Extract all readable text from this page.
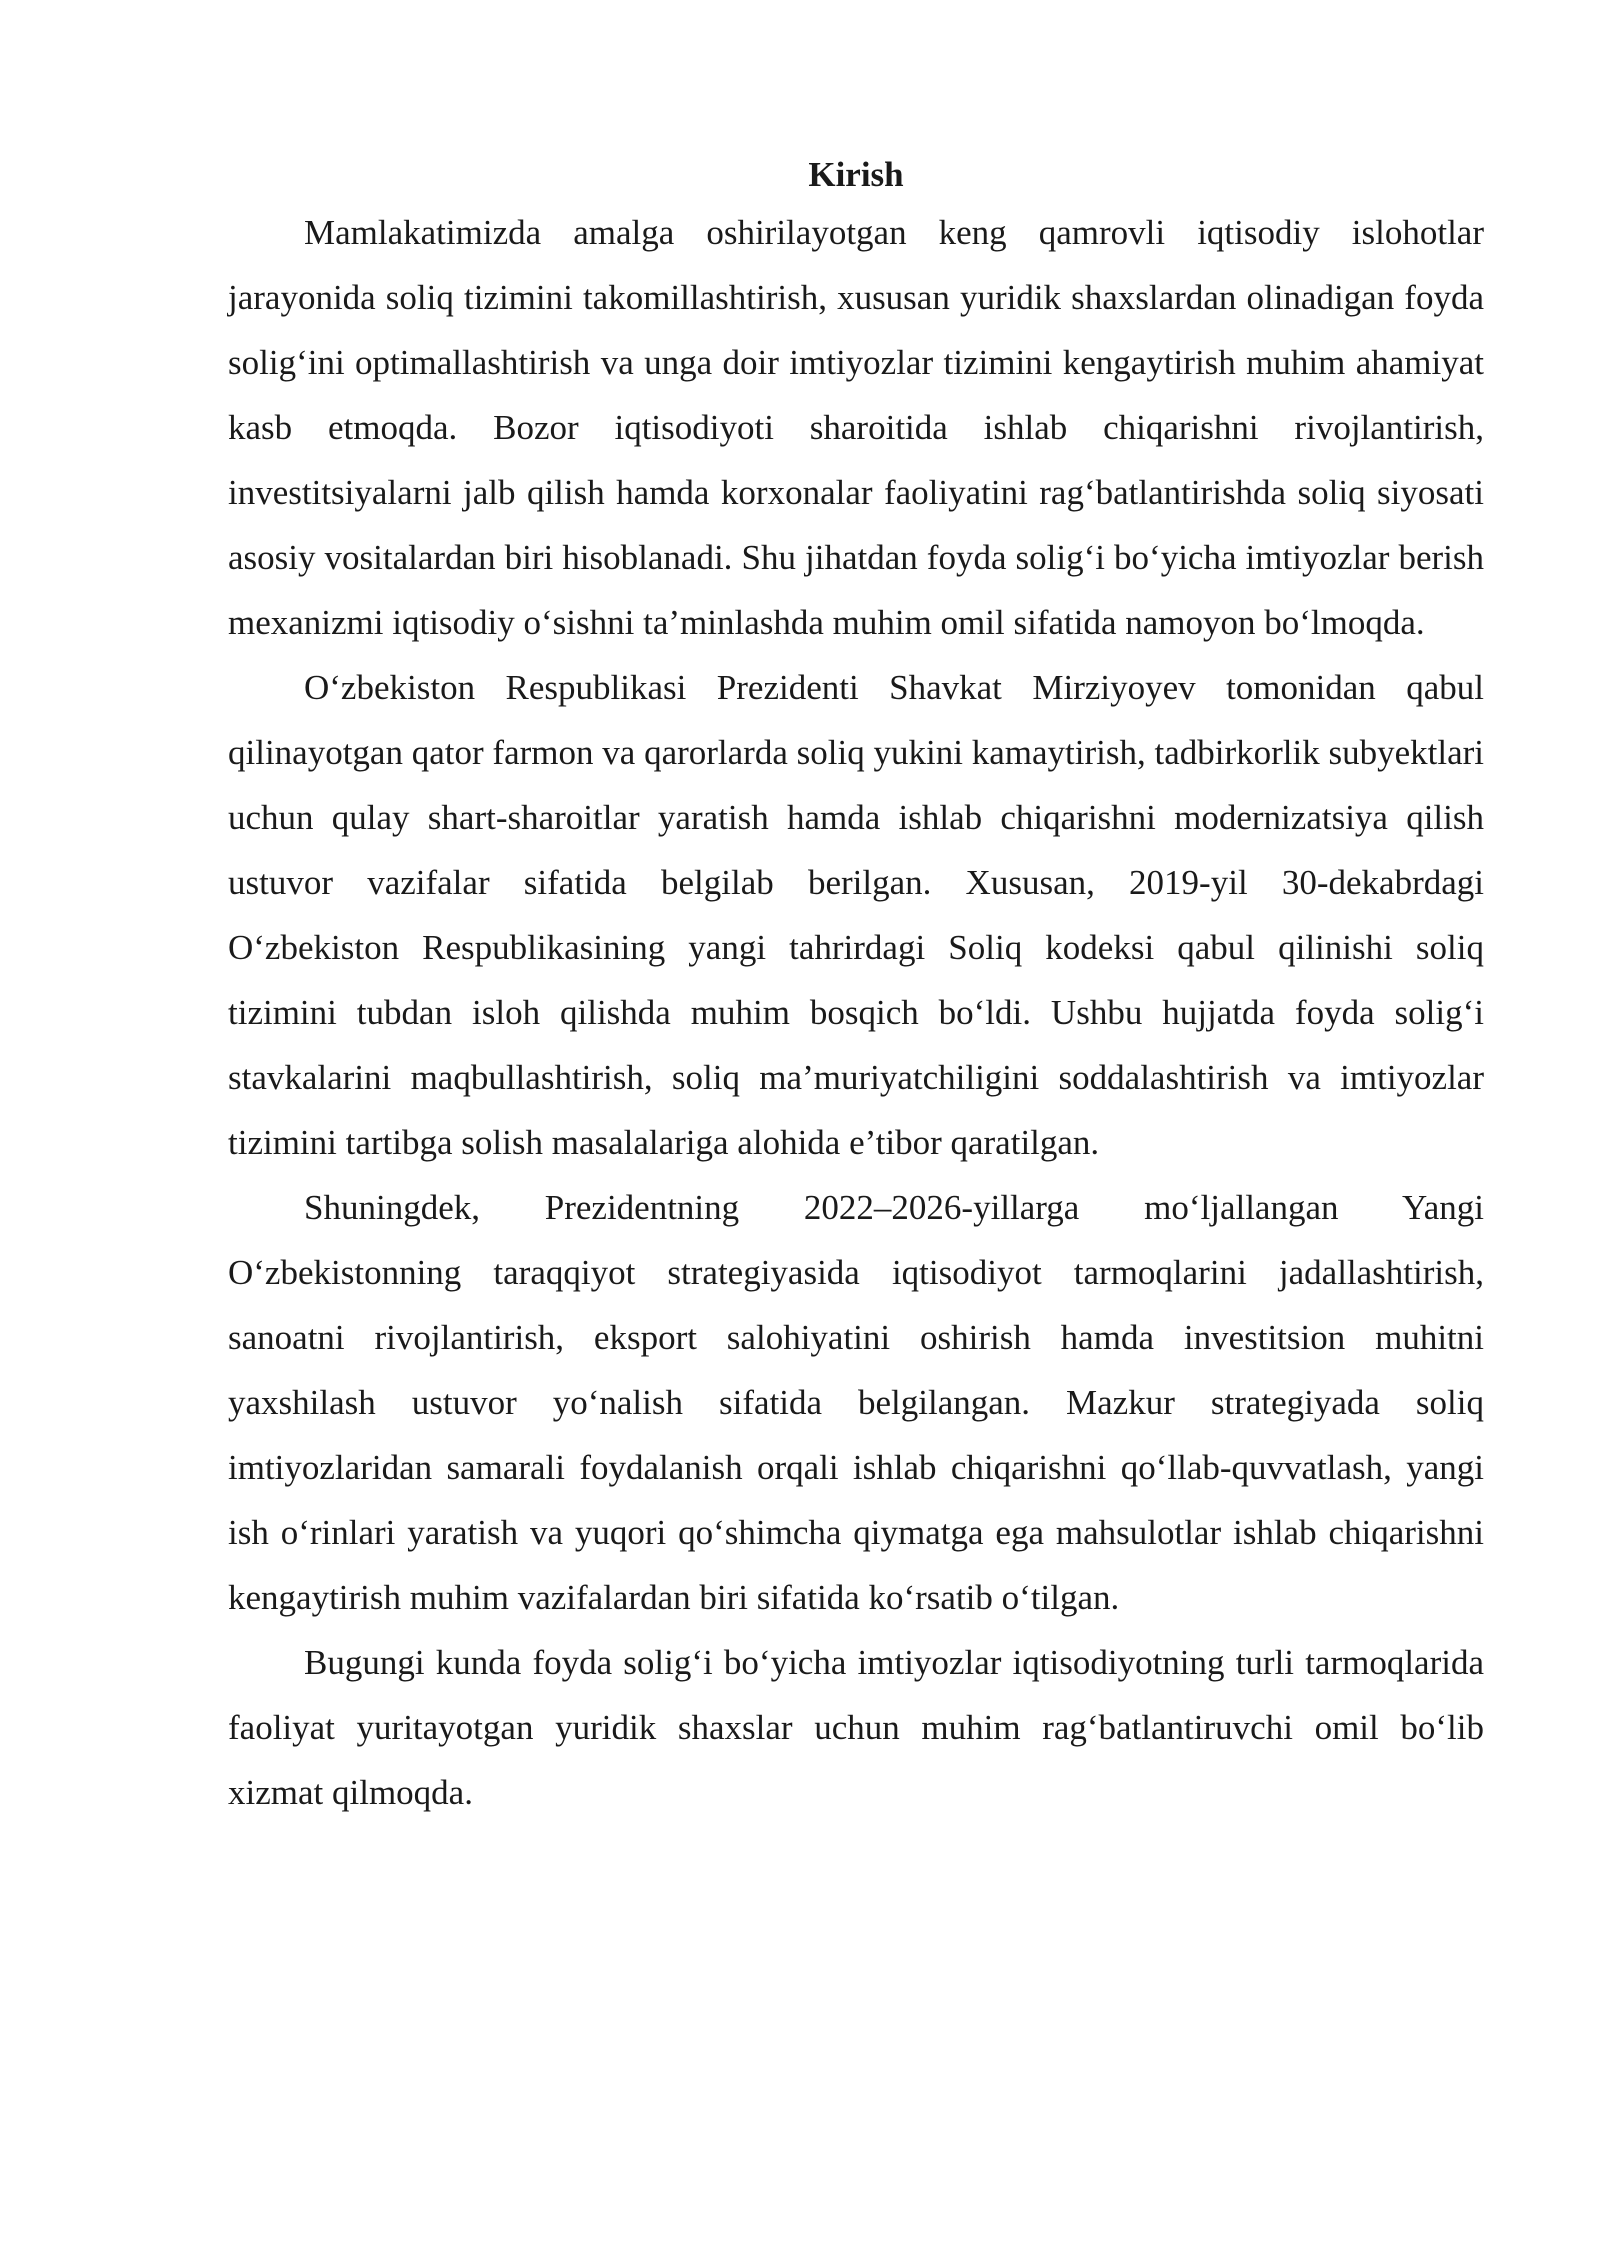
Kirish

Mamlakatimizda amalga oshirilayotgan keng qamrovli iqtisodiy islohotlar jarayonida soliq tizimini takomillashtirish, xususan yuridik shaxslardan olinadigan foyda solig‘ini optimallashtirish va unga doir imtiyozlar tizimini kengaytirish muhim ahamiyat kasb etmoqda. Bozor iqtisodiyoti sharoitida ishlab chiqarishni rivojlantirish, investitsiyalarni jalb qilish hamda korxonalar faoliyatini rag‘batlantirishda soliq siyosati asosiy vositalardan biri hisoblanadi. Shu jihatdan foyda solig‘i bo‘yicha imtiyozlar berish mexanizmi iqtisodiy o‘sishni ta’minlashda muhim omil sifatida namoyon bo‘lmoqda.

O‘zbekiston Respublikasi Prezidenti Shavkat Mirziyoyev tomonidan qabul qilinayotgan qator farmon va qarorlarda soliq yukini kamaytirish, tadbirkorlik subyektlari uchun qulay shart-sharoitlar yaratish hamda ishlab chiqarishni modernizatsiya qilish ustuvor vazifalar sifatida belgilab berilgan. Xususan, 2019-yil 30-dekabrdagi O‘zbekiston Respublikasining yangi tahrirdagi Soliq kodeksi qabul qilinishi soliq tizimini tubdan isloh qilishda muhim bosqich bo‘ldi. Ushbu hujjatda foyda solig‘i stavkalarini maqbullashtirish, soliq ma’muriyatchiligini soddalashtirish va imtiyozlar tizimini tartibga solish masalalariga alohida e’tibor qaratilgan.

Shuningdek, Prezidentning 2022–2026-yillarga mo‘ljallangan Yangi O‘zbekistonning taraqqiyot strategiyasida iqtisodiyot tarmoqlarini jadallashtirish, sanoatni rivojlantirish, eksport salohiyatini oshirish hamda investitsion muhitni yaxshilash ustuvor yo‘nalish sifatida belgilangan. Mazkur strategiyada soliq imtiyozlaridan samarali foydalanish orqali ishlab chiqarishni qo‘llab-quvvatlash, yangi ish o‘rinlari yaratish va yuqori qo‘shimcha qiymatga ega mahsulotlar ishlab chiqarishni kengaytirish muhim vazifalardan biri sifatida ko‘rsatib o‘tilgan.

Bugungi kunda foyda solig‘i bo‘yicha imtiyozlar iqtisodiyotning turli tarmoqlarida faoliyat yuritayotgan yuridik shaxslar uchun muhim rag‘batlantiruvchi omil bo‘lib xizmat qilmoqda.
